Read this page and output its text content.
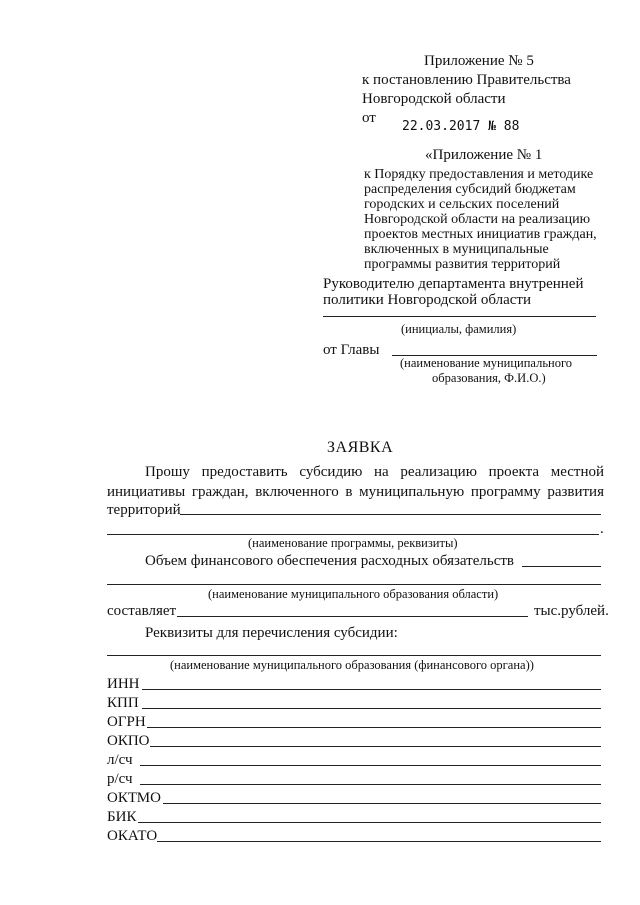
Приложение № 5
к постановлению Правительства
Новгородской области
от
22.03.2017 № 88
«Приложение № 1
к Порядку предоставления и методике
распределения субсидий бюджетам
городских и сельских поселений
Новгородской области на реализацию
проектов местных инициатив граждан,
включенных в муниципальные
программы развития территорий
Руководителю департамента внутренней
политики Новгородской области
(инициалы, фамилия)
от Главы
(наименование муниципального
образования, Ф.И.О.)
ЗАЯВКА
Прошу предоставить субсидию на реализацию проекта местной
инициативы граждан, включенного в муниципальную программу развития
территорий
.
(наименование программы, реквизиты)
Объем финансового обеспечения расходных обязательств
(наименование муниципального образования области)
составляет	тыс.рублей.
Реквизиты для перечисления субсидии:
(наименование муниципального образования (финансового органа))
ИНН
КПП
ОГРН
ОКПО
л/сч
р/сч
ОКТМО
БИК
ОКАТО
